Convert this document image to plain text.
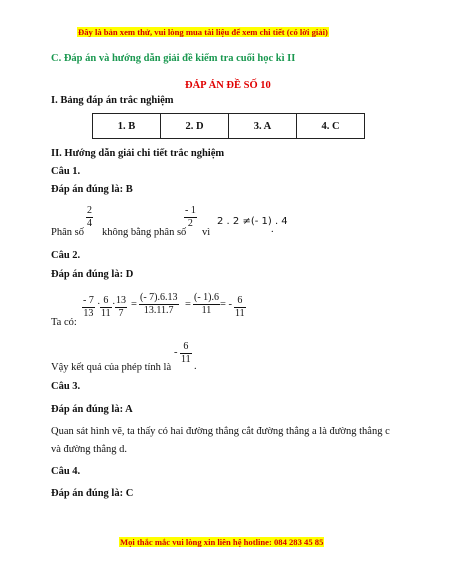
Đây là bản xem thử, vui lòng mua tài liệu để xem chi tiết (có lời giải)
C. Đáp án và hướng dẫn giải đề kiểm tra cuối học kì II
ĐÁP ÁN ĐỀ SỐ 10
I. Bảng đáp án trắc nghiệm
1. B	2. D	3. A	4. C
II. Hướng dẫn giải chi tiết trắc nghiệm
Câu 1.
Đáp án đúng là: B
Phân số
$\frac{2}{4}$
không bằng phân số
$\frac{- 1}{2}$
vì
2 . 2 ≠(- 1) . 4
.
Câu 2.
Đáp án đúng là: D
Ta có:
$\frac{- 7}{13} \cdot \frac{6}{11} \cdot \frac{13}{7} = \frac{(- 7).6.13}{13.11.7} = \frac{(- 1).6}{11}$ = - $\frac{6}{11}$
Vậy kết quả của phép tính là
- $\frac{6}{11}$
.
Câu 3.
Đáp án đúng là: A
Quan sát hình vẽ, ta thấy có hai đường thẳng cắt đường thẳng a là đường thẳng c
và đường thẳng d.
Câu 4.
Đáp án đúng là: C
Mọi thắc mắc vui lòng xin liên hệ hotline: 084 283 45 85
